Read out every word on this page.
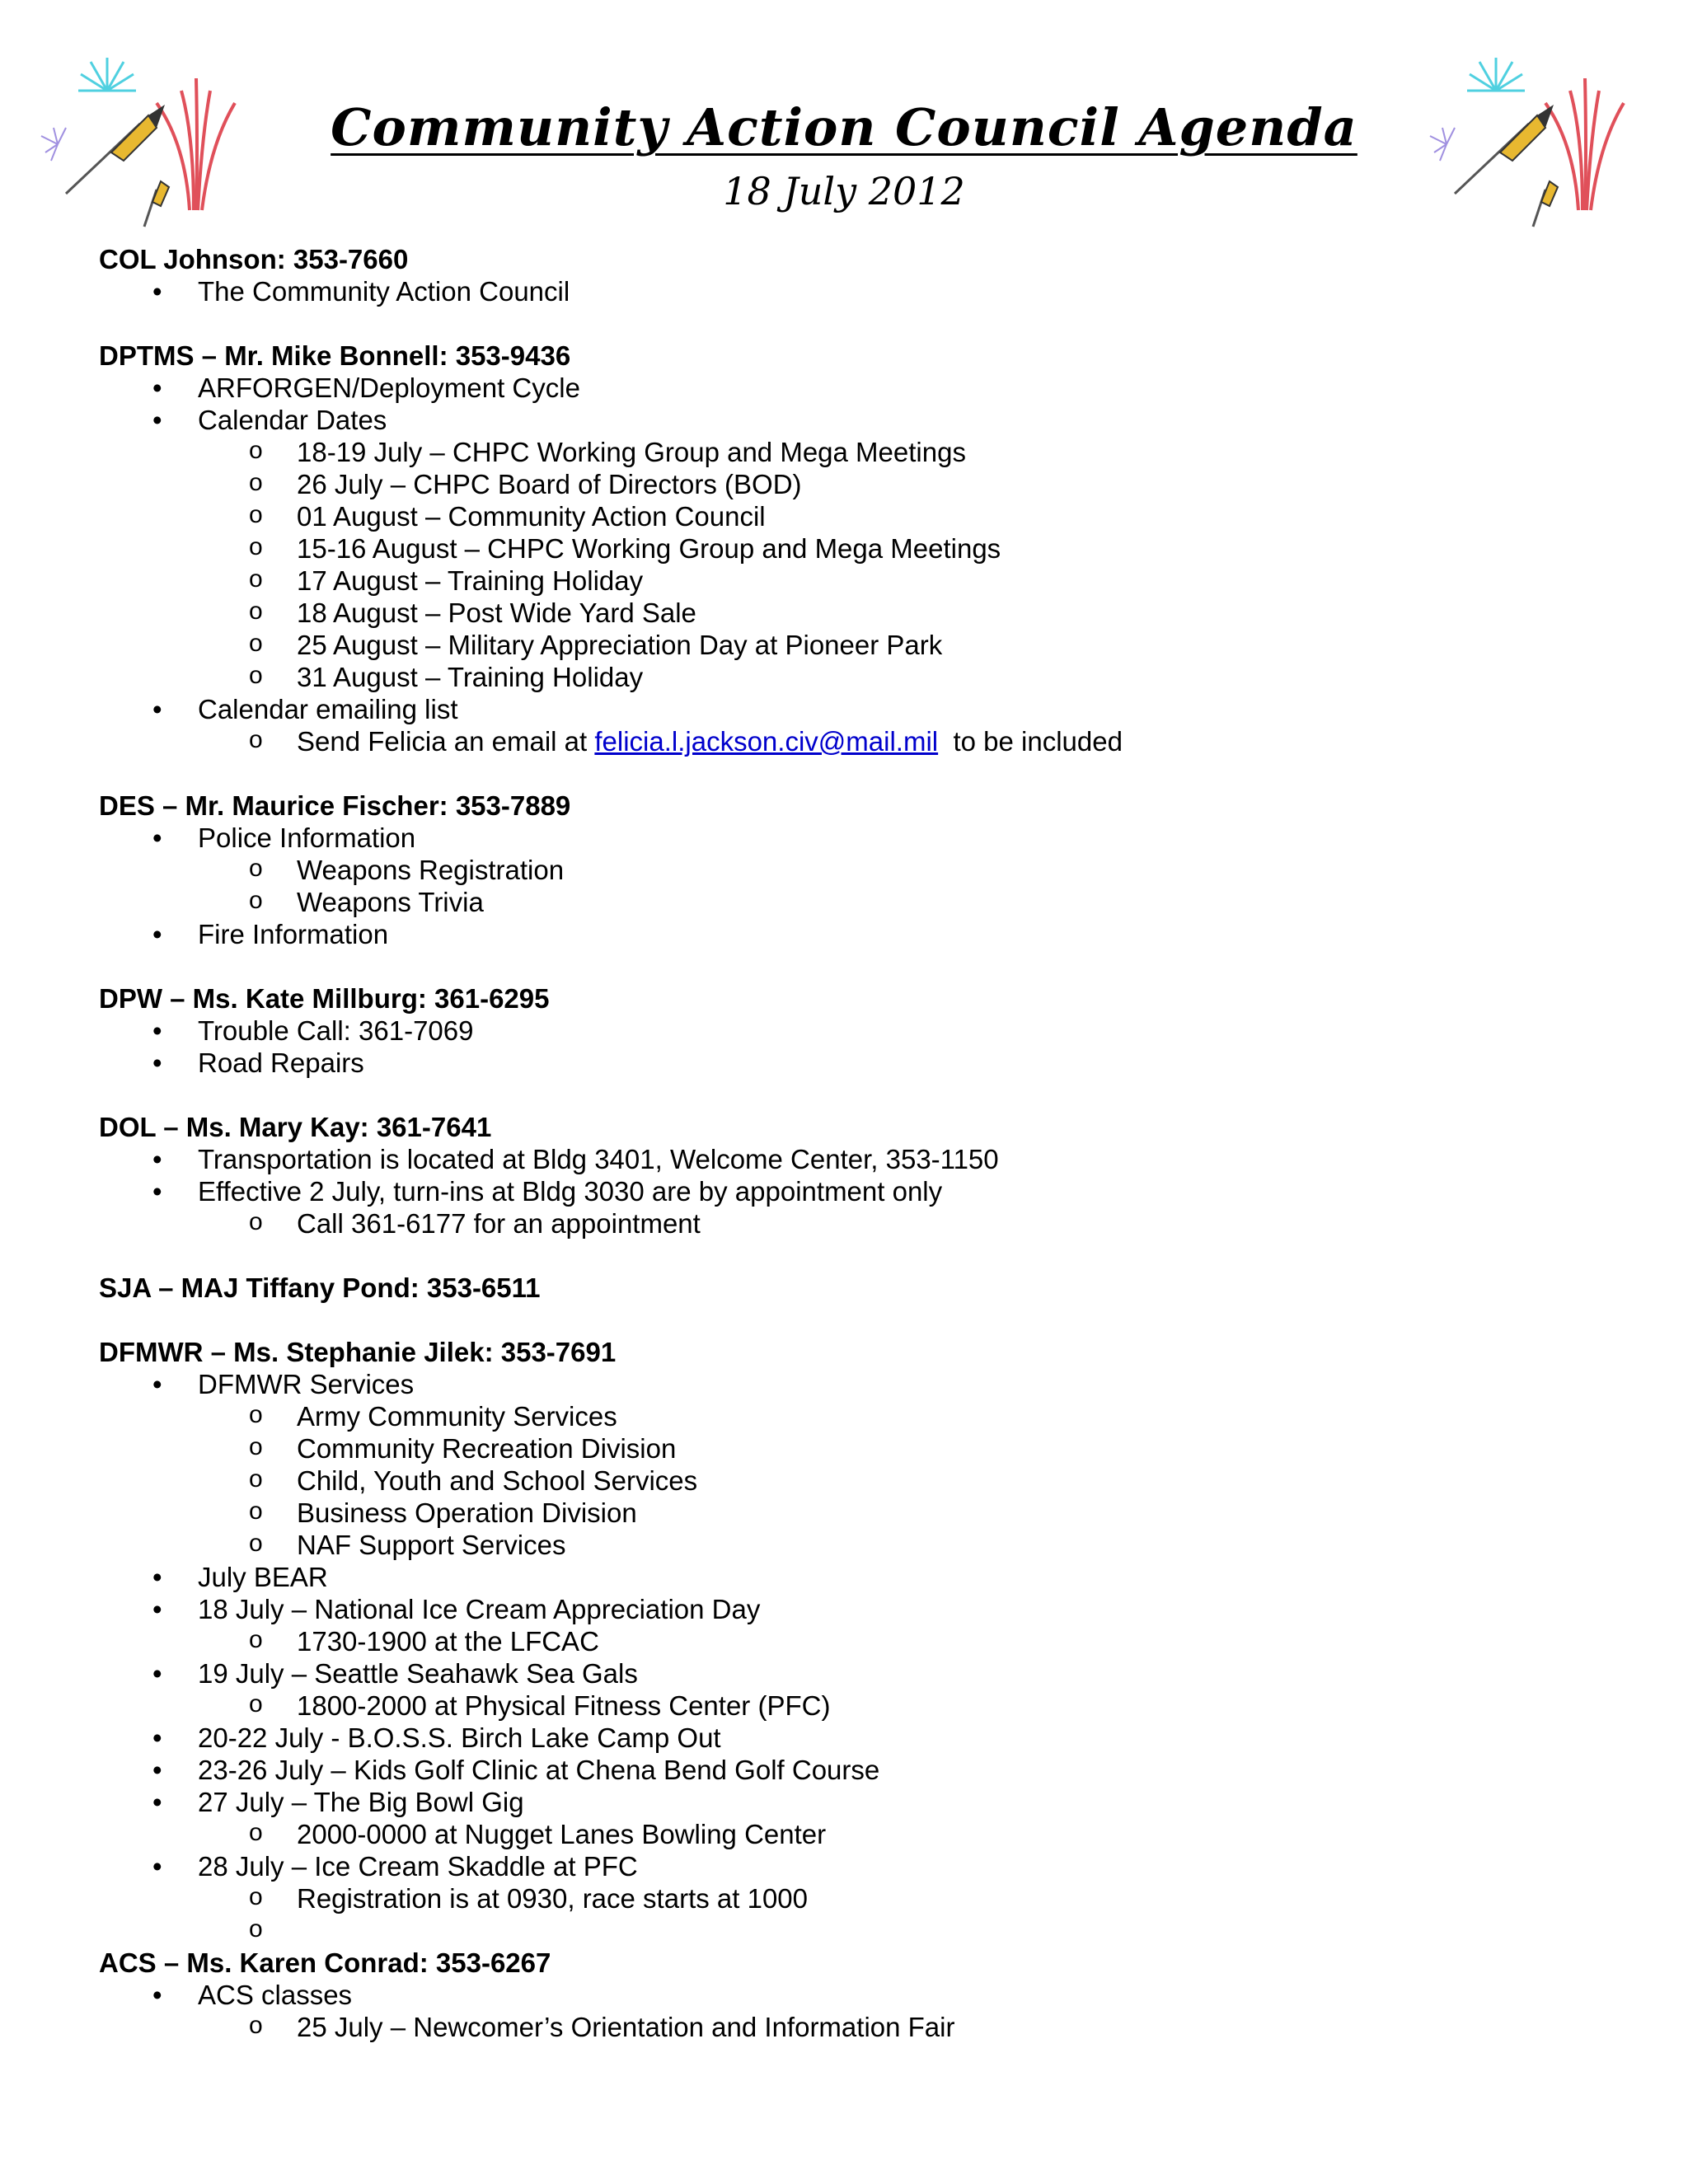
Community Action Council Agenda
18 July 2012
COL Johnson: 353-7660
• The Community Action Council
DPTMS – Mr. Mike Bonnell: 353-9436
• ARFORGEN/Deployment Cycle
• Calendar Dates
o 18-19 July – CHPC Working Group and Mega Meetings
o 26 July – CHPC Board of Directors (BOD)
o 01 August – Community Action Council
o 15-16 August – CHPC Working Group and Mega Meetings
o 17 August – Training Holiday
o 18 August – Post Wide Yard Sale
o 25 August – Military Appreciation Day at Pioneer Park
o 31 August – Training Holiday
• Calendar emailing list
o Send Felicia an email at felicia.l.jackson.civ@mail.mil  to be included
DES – Mr. Maurice Fischer: 353-7889
• Police Information
o Weapons Registration
o Weapons Trivia
• Fire Information
DPW – Ms. Kate Millburg: 361-6295
• Trouble Call: 361-7069
• Road Repairs
DOL – Ms. Mary Kay: 361-7641
• Transportation is located at Bldg 3401, Welcome Center, 353-1150
• Effective 2 July, turn-ins at Bldg 3030 are by appointment only
o Call 361-6177 for an appointment
SJA – MAJ Tiffany Pond: 353-6511
DFMWR – Ms. Stephanie Jilek: 353-7691
• DFMWR Services
o Army Community Services
o Community Recreation Division
o Child, Youth and School Services
o Business Operation Division
o NAF Support Services
• July BEAR
• 18 July – National Ice Cream Appreciation Day
o 1730-1900 at the LFCAC
• 19 July – Seattle Seahawk Sea Gals
o 1800-2000 at Physical Fitness Center (PFC)
• 20-22 July - B.O.S.S. Birch Lake Camp Out
• 23-26 July – Kids Golf Clinic at Chena Bend Golf Course
• 27 July – The Big Bowl Gig
o 2000-0000 at Nugget Lanes Bowling Center
• 28 July – Ice Cream Skaddle at PFC
o Registration is at 0930, race starts at 1000
o
ACS – Ms. Karen Conrad: 353-6267
• ACS classes
o 25 July – Newcomer’s Orientation and Information Fair
